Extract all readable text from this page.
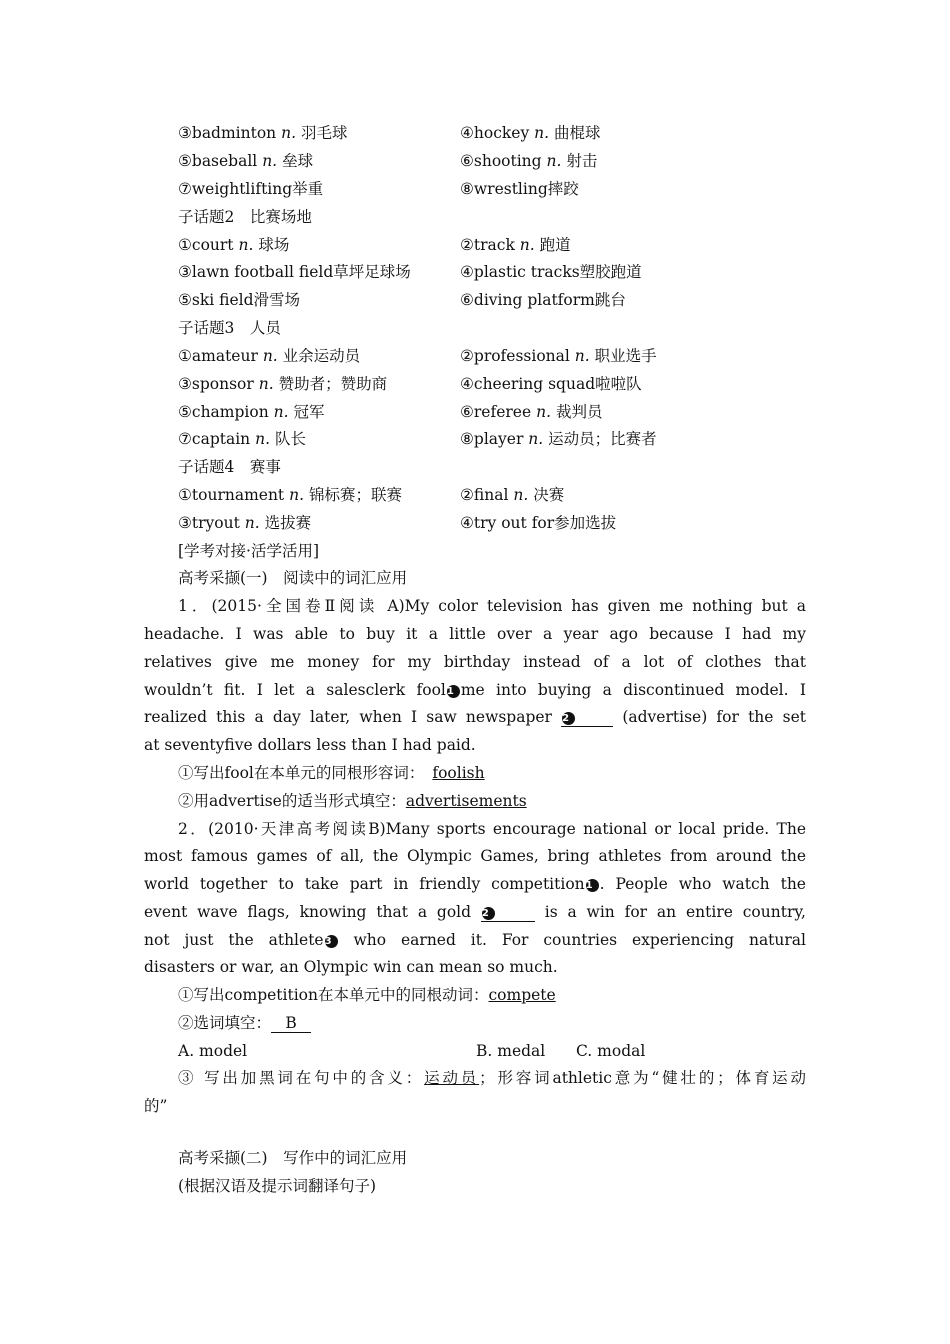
③badminton n. 羽毛球	④hockey n. 曲棍球
⑤baseball n. 垒球	⑥shooting n. 射击
⑦weightlifting举重	⑧wrestling摔跤
子话题2　比赛场地
①court n. 球场	②track n. 跑道
③lawn football field草坪足球场	④plastic tracks塑胶跑道
⑤ski field滑雪场	⑥diving platform跳台
子话题3　人员
①amateur n. 业余运动员	②professional n. 职业选手
③sponsor n. 赞助者；赞助商	④cheering squad啦啦队
⑤champion n. 冠军	⑥referee n. 裁判员
⑦captain n. 队长	⑧player n. 运动员；比赛者
子话题4　赛事
①tournament n. 锦标赛；联赛	②final n. 决赛
③tryout n. 选拔赛	④try out for参加选拔
[学考对接·活学活用]
高考采撷(一)　阅读中的词汇应用
1．(2015·全国卷Ⅱ阅读 A)My color television has given me nothing but a
headache. I was able to buy it a little over a year ago because I had my
relatives give me money for my birthday instead of a lot of clothes that
wouldn’t fit. I let a salesclerk fool1 me into buying a discontinued model. I
realized this a day later, when I saw newspaper 2	(advertise) for the set
at seventyfive dollars less than I had paid.
①写出fool在本单元的同根形容词： foolish
②用advertise的适当形式填空：advertisements
2．(2010·天津高考阅读B)Many sports encourage national or local pride. The
most famous games of all, the Olympic Games, bring athletes from around the
world together to take part in friendly competition1 . People who watch the
event wave flags, knowing that a gold 2	is a win for an entire country,
not just the athlete3 who earned it. For countries experiencing natural
disasters or war, an Olympic win can mean so much.
①写出competition在本单元中的同根动词：compete
②选词填空： B
A. model	B. medal C. modal
③ 写出加黑词在句中的含义：运动员；形容词athletic意为“健壮的；体育运动
的”
高考采撷(二)　写作中的词汇应用
(根据汉语及提示词翻译句子)
